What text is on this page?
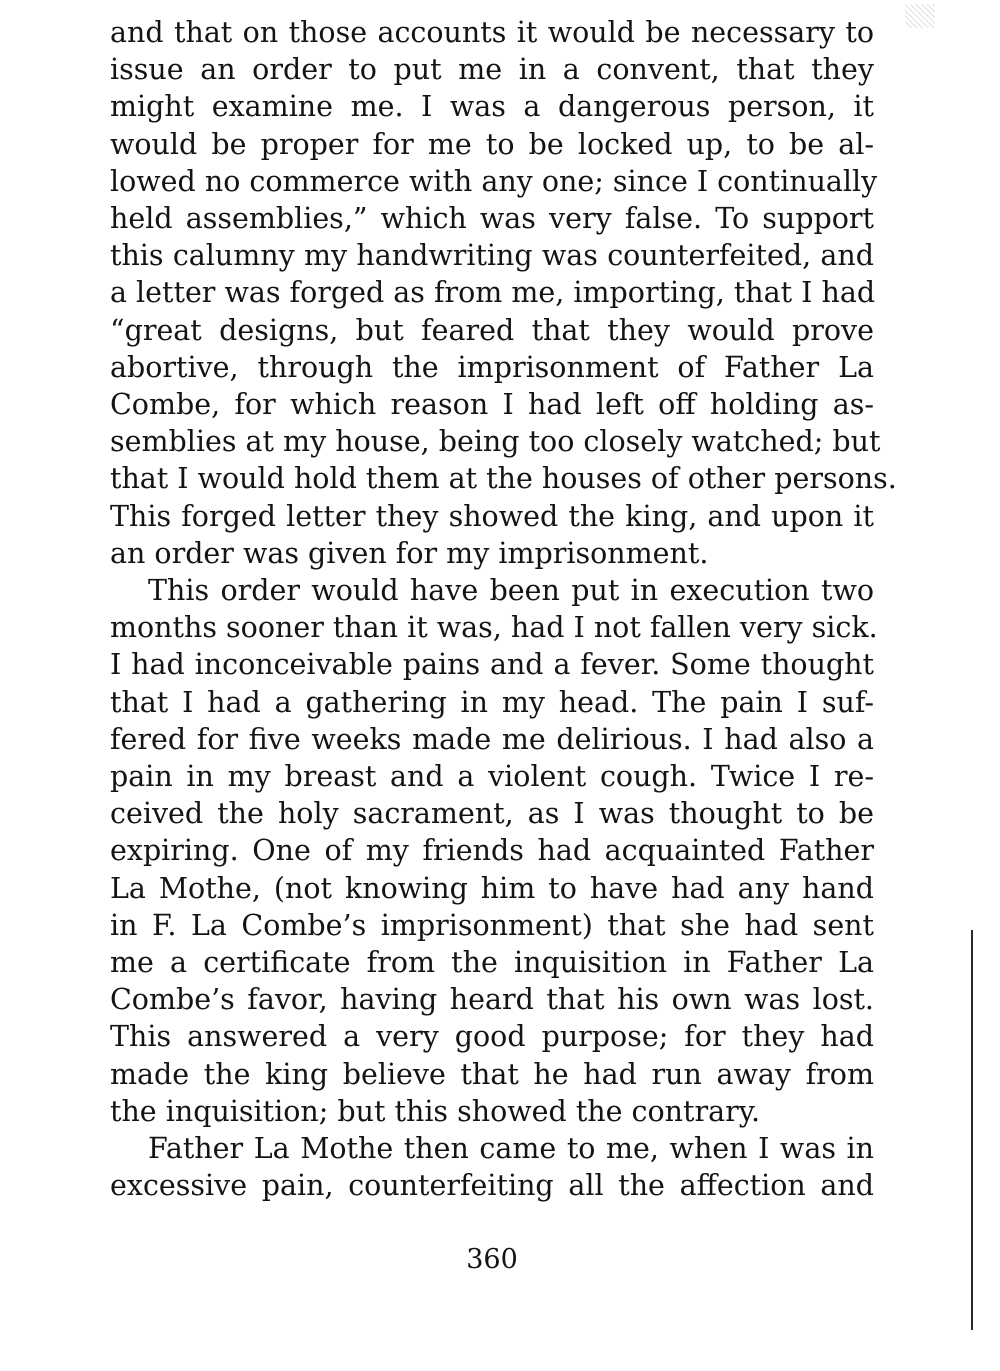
and that on those accounts it would be necessary to
issue an order to put me in a convent, that they
might examine me. I was a dangerous person, it
would be proper for me to be locked up, to be al-
lowed no commerce with any one; since I continually
held assemblies,” which was very false. To support
this calumny my handwriting was counterfeited, and
a letter was forged as from me, importing, that I had
“great designs, but feared that they would prove
abortive, through the imprisonment of Father La
Combe, for which reason I had left off holding as-
semblies at my house, being too closely watched; but
that I would hold them at the houses of other persons.
This forged letter they showed the king, and upon it
an order was given for my imprisonment.
This order would have been put in execution two
months sooner than it was, had I not fallen very sick.
I had inconceivable pains and a fever. Some thought
that I had a gathering in my head. The pain I suf-
fered for five weeks made me delirious. I had also a
pain in my breast and a violent cough. Twice I re-
ceived the holy sacrament, as I was thought to be
expiring. One of my friends had acquainted Father
La Mothe, (not knowing him to have had any hand
in F. La Combe’s imprisonment) that she had sent
me a certificate from the inquisition in Father La
Combe’s favor, having heard that his own was lost.
This answered a very good purpose; for they had
made the king believe that he had run away from
the inquisition; but this showed the contrary.
Father La Mothe then came to me, when I was in
excessive pain, counterfeiting all the affection and
360
